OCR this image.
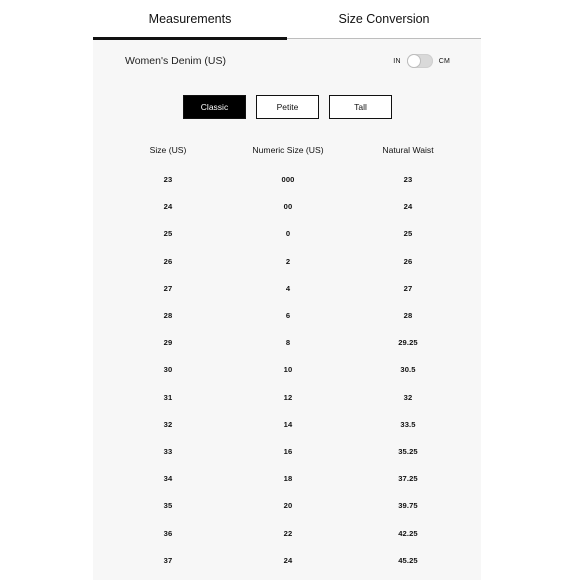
Measurements	Size Conversion
Women's Denim (US)	IN	CM
Classic	Petite	Tall
Size (US)	Numeric Size (US)	Natural Waist
23	000	23
24	00	24
25	0	25
26	2	26
27	4	27
28	6	28
29	8	29.25
30	10	30.5
31	12	32
32	14	33.5
33	16	35.25
34	18	37.25
35	20	39.75
36	22	42.25
37	24	45.25
